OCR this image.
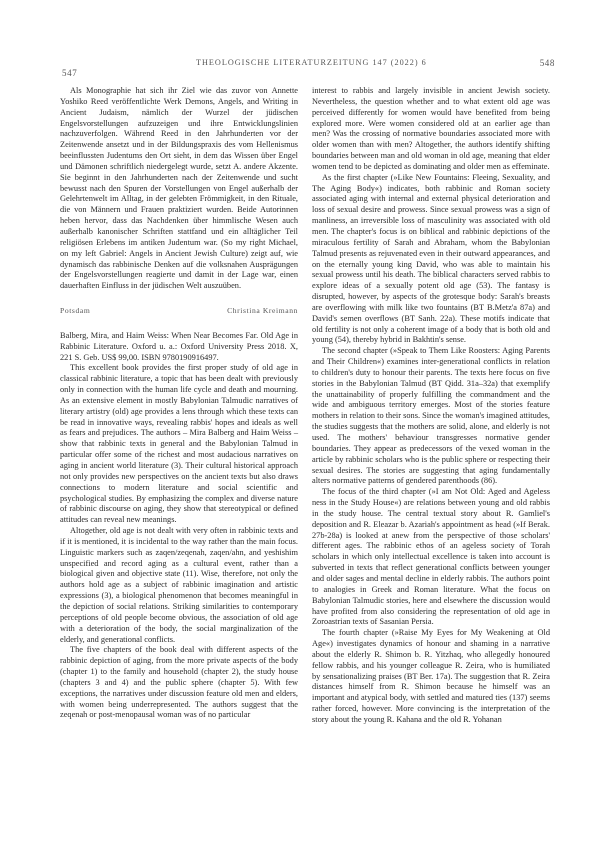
547
THEOLOGISCHE LITERATURZEITUNG 147 (2022) 6	548

Als Monographie hat sich ihr Ziel wie das zuvor von Annette Yoshiko Reed veröffentlichte Werk Demons, Angels, and Writing in Ancient Judaism, nämlich der Wurzel der jüdischen Engelsvorstellungen aufzuzeigen und ihre Entwicklungslinien nachzuverfolgen. Während Reed in den Jahrhunderten vor der Zeitenwende ansetzt und in der Bildungspraxis des vom Hellenismus beeinflussten Judentums den Ort sieht, in dem das Wissen über Engel und Dämonen schriftlich niedergelegt wurde, setzt A. andere Akzente. Sie beginnt in den Jahrhunderten nach der Zeitenwende und sucht bewusst nach den Spuren der Vorstellungen von Engel außerhalb der Gelehrtenwelt im Alltag, in der gelebten Frömmigkeit, in den Rituale, die von Männern und Frauen praktiziert wurden. Beide Autorinnen heben hervor, dass das Nachdenken über himmlische Wesen auch außerhalb kanonischer Schriften stattfand und ein alltäglicher Teil religiösen Erlebens im antiken Judentum war. (So my right Michael, on my left Gabriel: Angels in Ancient Jewish Culture) zeigt auf, wie dynamisch das rabbinische Denken auf die volksnahen Ausprägungen der Engelsvorstellungen reagierte und damit in der Lage war, einen dauerhaften Einfluss in der jüdischen Welt auszuüben.

Potsdam	Christina Kreimann

Balberg, Mira, and Haim Weiss: When Near Becomes Far. Old Age in Rabbinic Literature. Oxford u. a.: Oxford University Press 2018. X, 221 S. Geb. US$ 99,00. ISBN 9780190916497.

This excellent book provides the first proper study of old age in classical rabbinic literature, a topic that has been dealt with previously only in connection with the human life cycle and death and mourning. As an extensive element in mostly Babylonian Talmudic narratives of literary artistry (old) age provides a lens through which these texts can be read in innovative ways, revealing rabbis' hopes and ideals as well as fears and prejudices. The authors – Mira Balberg and Haim Weiss – show that rabbinic texts in general and the Babylonian Talmud in particular offer some of the richest and most audacious narratives on aging in ancient world literature (3). Their cultural historical approach not only provides new perspectives on the ancient texts but also draws connections to modern literature and social scientific and psychological studies. By emphasizing the complex and diverse nature of rabbinic discourse on aging, they show that stereotypical or defined attitudes can reveal new meanings.

Altogether, old age is not dealt with very often in rabbinic texts and if it is mentioned, it is incidental to the way rather than the main focus. Linguistic markers such as zaqen/zeqenah, zaqen/ahn, and yeshishim unspecified and record aging as a cultural event, rather than a biological given and objective state (11). Wise, therefore, not only the authors hold age as a subject of rabbinic imagination and artistic expressions (3), a biological phenomenon that becomes meaningful in the depiction of social relations. Striking similarities to contemporary perceptions of old people become obvious, the association of old age with a deterioration of the body, the social marginalization of the elderly, and generational conflicts.

The five chapters of the book deal with different aspects of the rabbinic depiction of aging, from the more private aspects of the body (chapter 1) to the family and household (chapter 2), the study house (chapters 3 and 4) and the public sphere (chapter 5). With few exceptions, the narratives under discussion feature old men and elders, with women being underrepresented. The authors suggest that the zeqenah or post-menopausal woman was of no particular

interest to rabbis and largely invisible in ancient Jewish society. Nevertheless, the question whether and to what extent old age was perceived differently for women would have benefited from being explored more. Were women considered old at an earlier age than men? Was the crossing of normative boundaries associated more with older women than with men? Altogether, the authors identify shifting boundaries between man and old woman in old age, meaning that elder women tend to be depicted as dominating and older men as effeminate.

As the first chapter (»Like New Fountains: Fleeing, Sexuality, and The Aging Body«) indicates, both rabbinic and Roman society associated aging with internal and external physical deterioration and loss of sexual desire and prowess. Since sexual prowess was a sign of manliness, an irreversible loss of masculinity was associated with old men. The chapter's focus is on biblical and rabbinic depictions of the miraculous fertility of Sarah and Abraham, whom the Babylonian Talmud presents as rejuvenated even in their outward appearances, and on the eternally young king David, who was able to maintain his sexual prowess until his death. The biblical characters served rabbis to explore ideas of a sexually potent old age (53). The fantasy is disrupted, however, by aspects of the grotesque body: Sarah's breasts are overflowing with milk like two fountains (BT B.Metz'a 87a) and David's semen overflows (BT Sanh. 22a). These motifs indicate that old fertility is not only a coherent image of a body that is both old and young (54), thereby hybrid in Bakhtin's sense.

The second chapter (»Speak to Them Like Roosters: Aging Parents and Their Children«) examines inter-generational conflicts in relation to children's duty to honour their parents. The texts here focus on five stories in the Babylonian Talmud (BT Qidd. 31a–32a) that exemplify the unattainability of properly fulfilling the commandment and the wide and ambiguous territory emerges. Most of the stories feature mothers in relation to their sons. Since the woman's imagined attitudes, the studies suggests that the mothers are solid, alone, and elderly is not used. The mothers' behaviour transgresses normative gender boundaries. They appear as predecessors of the vexed woman in the article by rabbinic scholars who is the public sphere or respecting their sexual desires. The stories are suggesting that aging fundamentally alters normative patterns of gendered parenthoods (86).

The focus of the third chapter (»I am Not Old: Aged and Ageless ness in the Study House«) are relations between young and old rabbis in the study house. The central textual story about R. Gamliel's deposition and R. Eleazar b. Azariah's appointment as head (»If Berak. 27b-28a) is looked at anew from the perspective of those scholars' different ages. The rabbinic ethos of an ageless society of Torah scholars in which only intellectual excellence is taken into account is subverted in texts that reflect generational conflicts between younger and older sages and mental decline in elderly rabbis. The authors point to analogies in Greek and Roman literature. What the focus on Babylonian Talmudic stories, here and elsewhere the discussion would have profited from also considering the representation of old age in Zoroastrian texts of Sasanian Persia.

The fourth chapter (»Raise My Eyes for My Weakening at Old Age«) investigates dynamics of honour and shaming in a narrative about the elderly R. Shimon b. R. Yitzhaq, who allegedly honoured fellow rabbis, and his younger colleague R. Zeira, who is humiliated by sensationalizing praises (BT Ber. 17a). The suggestion that R. Zeira distances himself from R. Shimon because he himself was an important and atypical body, with settled and matured ties (137) seems rather forced, however. More convincing is the interpretation of the story about the young R. Kahana and the old R. Yohanan
